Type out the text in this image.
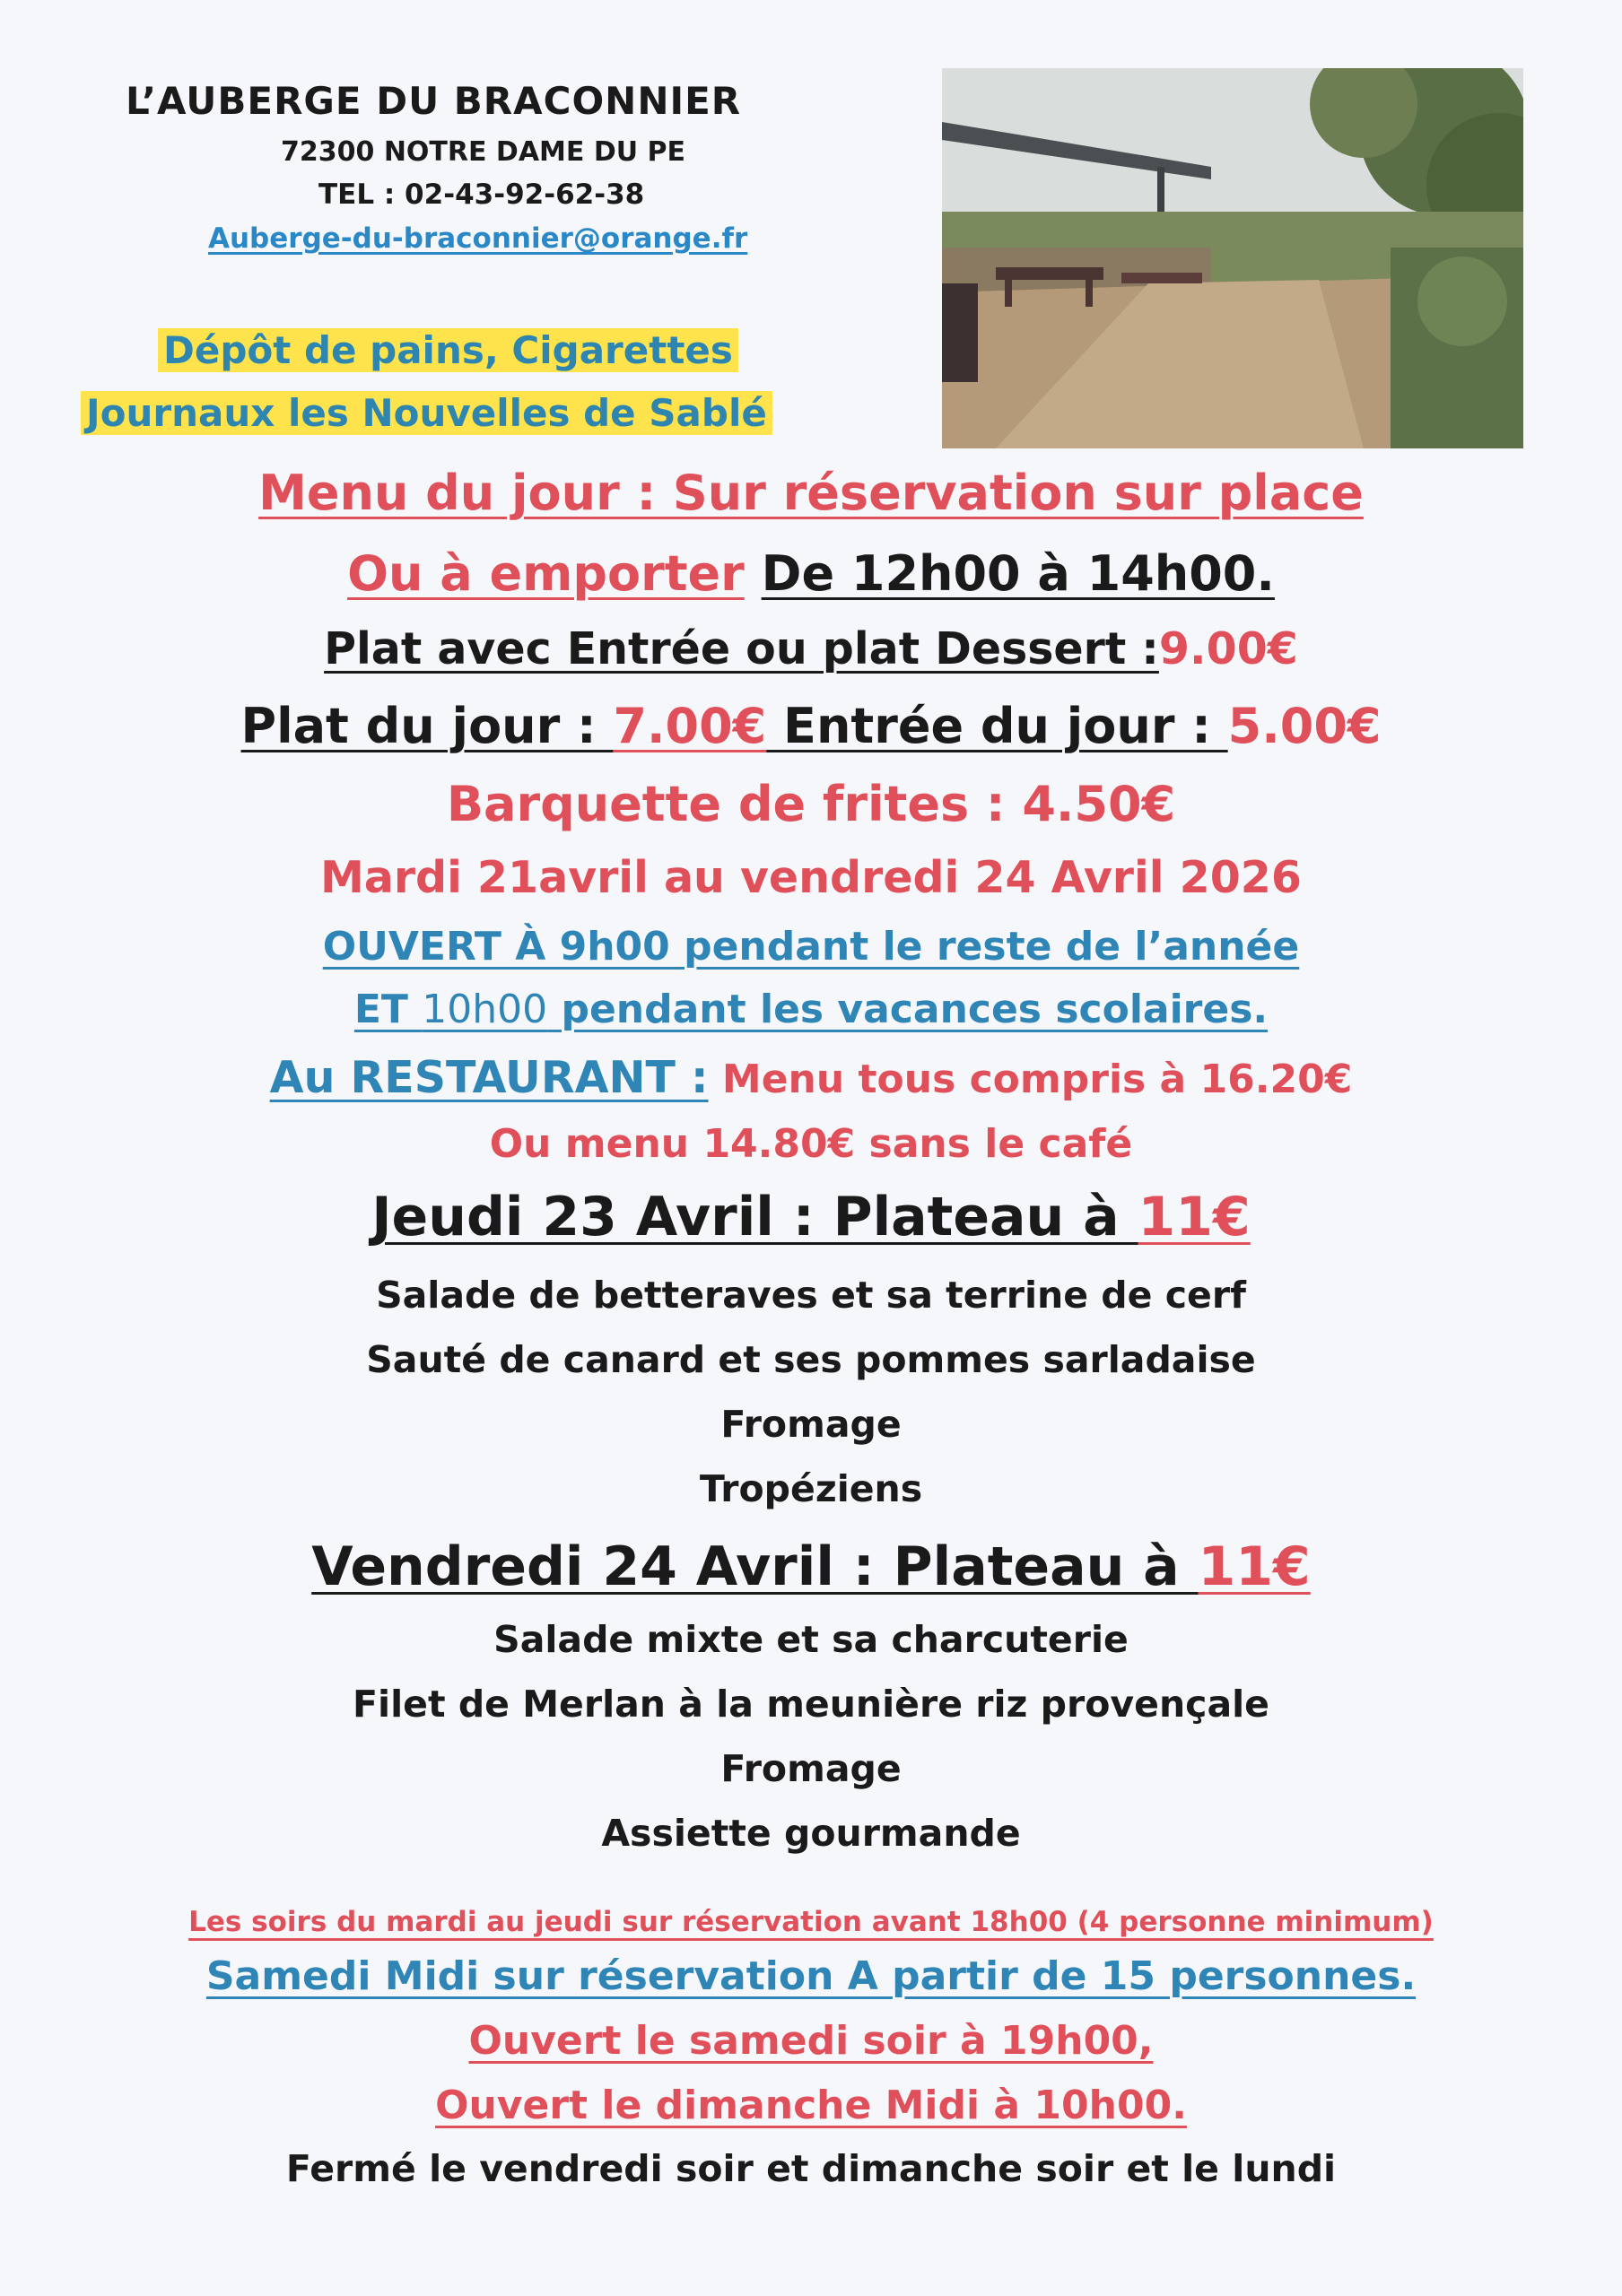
L’AUBERGE DU BRACONNIER
72300 NOTRE DAME DU PE
TEL : 02-43-92-62-38
Auberge-du-braconnier@orange.fr
Dépôt de pains, Cigarettes
Journaux les Nouvelles de Sablé
Menu du jour : Sur réservation sur place
Ou à emporter De 12h00 à 14h00.
Plat avec Entrée ou plat Dessert :9.00€
Plat du jour : 7.00€ Entrée du jour : 5.00€
Barquette de frites : 4.50€
Mardi 21avril au vendredi 24 Avril 2026
OUVERT À 9h00 pendant le reste de l’année
ET 10h00 pendant les vacances scolaires.
Au RESTAURANT : Menu tous compris à 16.20€
Ou menu 14.80€ sans le café
Jeudi 23 Avril : Plateau à 11€
Salade de betteraves et sa terrine de cerf
Sauté de canard et ses pommes sarladaise
Fromage
Tropéziens
Vendredi 24 Avril : Plateau à 11€
Salade mixte et sa charcuterie
Filet de Merlan à la meunière riz provençale
Fromage
Assiette gourmande
Les soirs du mardi au jeudi sur réservation avant 18h00 (4 personne minimum)
Samedi Midi sur réservation A partir de 15 personnes.
Ouvert le samedi soir à 19h00,
Ouvert le dimanche Midi à 10h00.
Fermé le vendredi soir et dimanche soir et le lundi
